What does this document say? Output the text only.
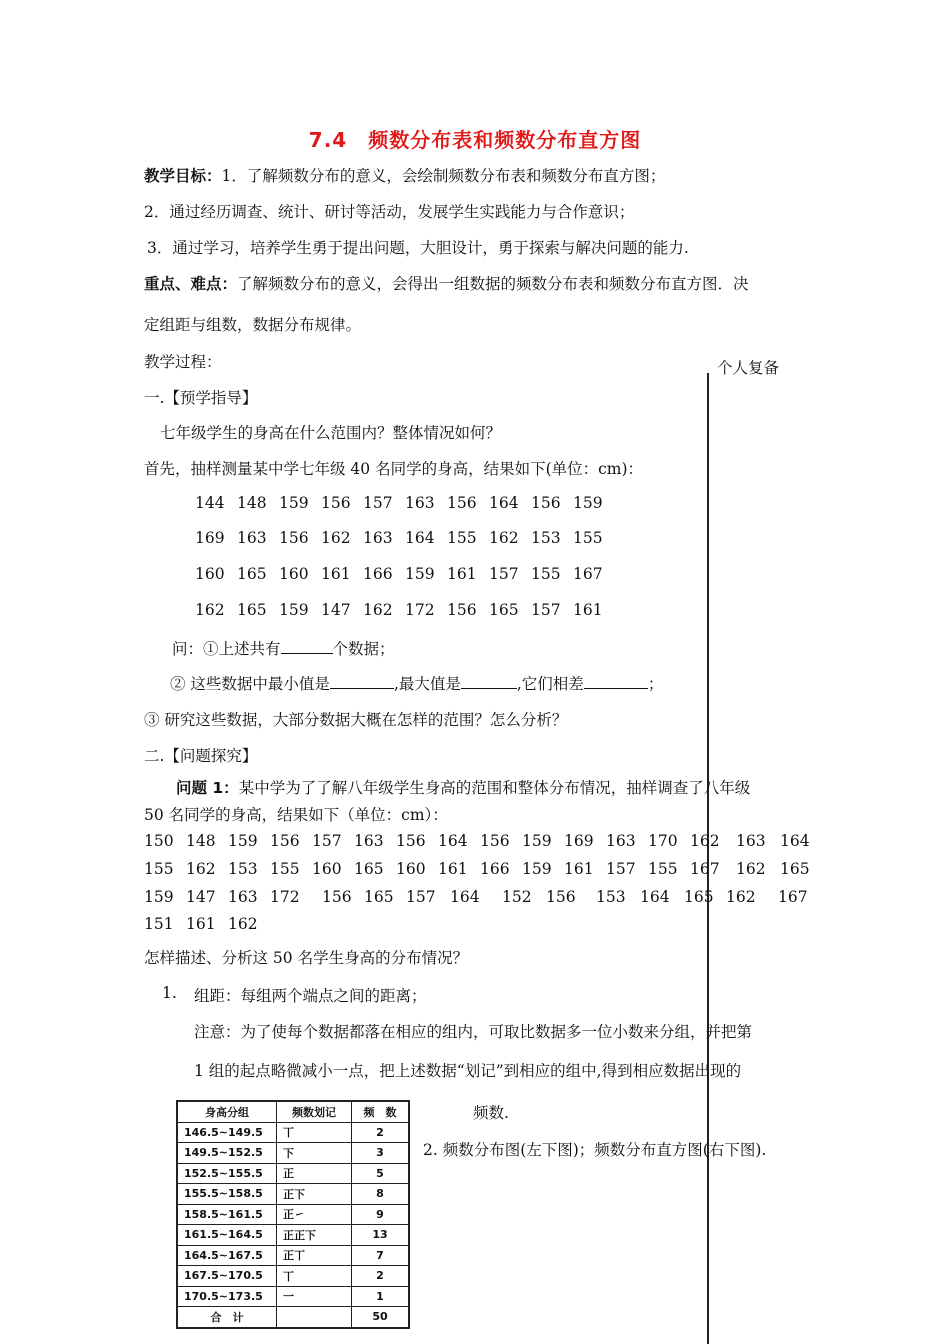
7.4　频数分布表和频数分布直方图
教学目标：1．了解频数分布的意义，会绘制频数分布表和频数分布直方图；
2．通过经历调查、统计、研讨等活动，发展学生实践能力与合作意识；
3．通过学习，培养学生勇于提出问题，大胆设计，勇于探索与解决问题的能力.
重点、难点：了解频数分布的意义，会得出一组数据的频数分布表和频数分布直方图．决
定组距与组数，数据分布规律。
教学过程：	个人复备
一.【预学指导】
七年级学生的身高在什么范围内？整体情况如何？
首先，抽样测量某中学七年级 40 名同学的身高，结果如下(单位：cm)：
144 148 159 156 157 163 156 164 156 159
169 163 156 162 163 164 155 162 153 155
160 165 160 161 166 159 161 157 155 167
162 165 159 147 162 172 156 165 157 161
问：①上述共有	个数据；
② 这些数据中最小值是	,最大值是	,它们相差	；
③ 研究这些数据，大部分数据大概在怎样的范围？怎么分析？
二.【问题探究】
问题 1：某中学为了了解八年级学生身高的范围和整体分布情况，抽样调查了八年级
50 名同学的身高，结果如下（单位：cm）：
150 148 159 156 157 163 156 164 156 159 169 163 170 162 163 164
155 162 153 155 160 165 160 161 166 159 161 157 155 167 162 165
159 147 163 172 156 165 157 164 152 156 153 164 165 162 167
151 161 162
怎样描述、分析这 50 名学生身高的分布情况？
1. 组距：每组两个端点之间的距离；
注意：为了使每个数据都落在相应的组内，可取比数据多一位小数来分组，并把第
1 组的起点略微减小一点，把上述数据“划记”到相应的组中,得到相应数据出现的
频数.
2. 频数分布图(左下图)；频数分布直方图(右下图).
身高分组	频数划记	频　数
146.5~149.5	丅	2
149.5~152.5	下	3
152.5~155.5	正	5
155.5~158.5	正下	8
158.5~161.5	正㇀	9
161.5~164.5	正正下	13
164.5~167.5	正丅	7
167.5~170.5	丅	2
170.5~173.5	一	1
合　计		50
